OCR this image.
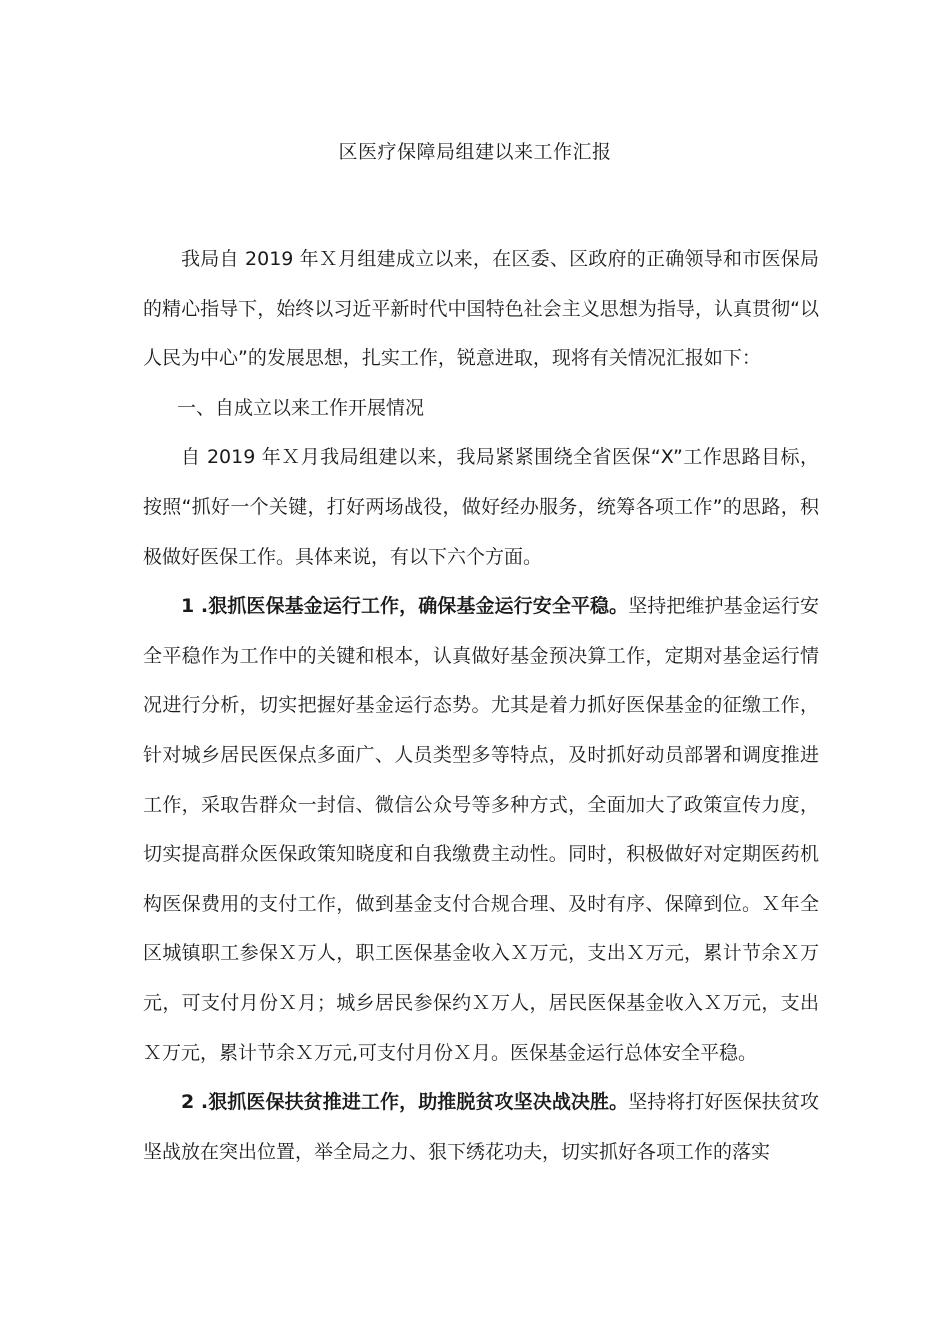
区医疗保障局组建以来工作汇报

我局自 2019 年Ｘ月组建成立以来，在区委、区政府的正确领导和市医保局的精心指导下，始终以习近平新时代中国特色社会主义思想为指导，认真贯彻“以人民为中心”的发展思想，扎实工作，锐意进取，现将有关情况汇报如下：

一、自成立以来工作开展情况

自 2019 年Ｘ月我局组建以来，我局紧紧围绕全省医保“X”工作思路目标，按照“抓好一个关键，打好两场战役，做好经办服务，统筹各项工作”的思路，积极做好医保工作。具体来说，有以下六个方面。

1 .狠抓医保基金运行工作，确保基金运行安全平稳。坚持把维护基金运行安全平稳作为工作中的关键和根本，认真做好基金预决算工作，定期对基金运行情况进行分析，切实把握好基金运行态势。尤其是着力抓好医保基金的征缴工作，针对城乡居民医保点多面广、人员类型多等特点，及时抓好动员部署和调度推进工作，采取告群众一封信、微信公众号等多种方式，全面加大了政策宣传力度，切实提高群众医保政策知晓度和自我缴费主动性。同时，积极做好对定期医药机构医保费用的支付工作，做到基金支付合规合理、及时有序、保障到位。Ｘ年全区城镇职工参保Ｘ万人，职工医保基金收入Ｘ万元，支出Ｘ万元，累计节余Ｘ万元，可支付月份Ｘ月；城乡居民参保约Ｘ万人，居民医保基金收入Ｘ万元，支出Ｘ万元，累计节余Ｘ万元,可支付月份Ｘ月。医保基金运行总体安全平稳。

2 .狠抓医保扶贫推进工作，助推脱贫攻坚决战决胜。坚持将打好医保扶贫攻坚战放在突出位置，举全局之力、狠下绣花功夫，切实抓好各项工作的落实
